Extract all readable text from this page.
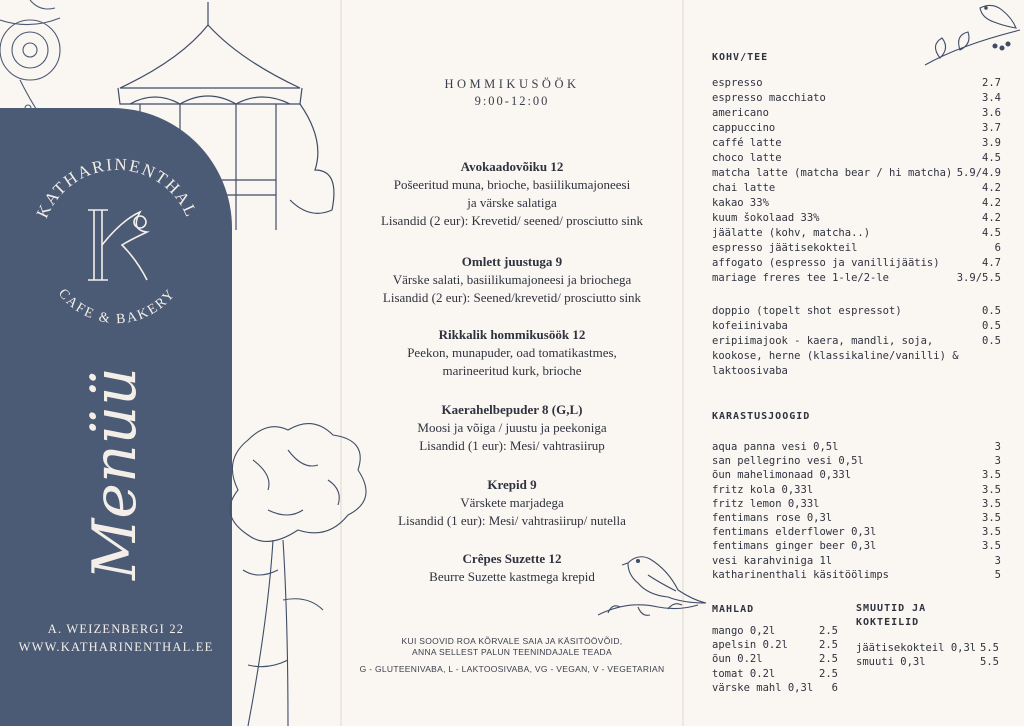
KATHARINENTHAL
CAFE & BAKERY
Menüü
A. WEIZENBERGI 22
WWW.KATHARINENTHAL.EE
HOMMIKUSÖÖK
9:00-12:00
Avokaadovõiku 12
Pošeeritud muna, brioche, basiilikumajoneesi
ja värske salatiga
Lisandid (2 eur): Krevetid/ seened/ prosciutto sink
Omlett juustuga 9
Värske salati, basiilikumajoneesi ja briochega
Lisandid (2 eur): Seened/krevetid/ prosciutto sink
Rikkalik hommikusöök 12
Peekon, munapuder, oad tomatikastmes,
marineeritud kurk, brioche
Kaerahelbepuder 8 (G,L)
Moosi ja võiga / juustu ja peekoniga
Lisandid (1 eur): Mesi/ vahtrasiirup
Krepid 9
Värskete marjadega
Lisandid (1 eur): Mesi/ vahtrasiirup/ nutella
Crêpes Suzette 12
Beurre Suzette kastmega krepid
KUI SOOVID ROA KÕRVALE SAIA JA KÄSITÖÖVÕID,
ANNA SELLEST PALUN TEENINDAJALE TEADA
G - GLUTEENIVABA, L - LAKTOOSIVABA, VG - VEGAN, V - VEGETARIAN
KOHV/TEE
espresso	2.7
espresso macchiato	3.4
americano	3.6
cappuccino	3.7
caffé latte	3.9
choco latte	4.5
matcha latte (matcha bear / hi matcha) 5.9/4.9
chai latte	4.2
kakao 33%	4.2
kuum šokolaad 33%	4.2
jäälatte (kohv, matcha..)	4.5
espresso jäätisekokteil	6
affogato (espresso ja vanillijäätis)	4.7
mariage freres tee 1-le/2-le	3.9/5.5
doppio (topelt shot espressot)	0.5
kofeiinivaba	0.5
eripiimajook - kaera, mandli, soja,	0.5
kookose, herne (klassikaline/vanilli) &
laktoosivaba
KARASTUSJOOGID
aqua panna vesi 0,5l	3
san pellegrino vesi 0,5l	3
õun mahelimonaad 0,33l	3.5
fritz kola 0,33l	3.5
fritz lemon 0,33l	3.5
fentimans rose 0,3l	3.5
fentimans elderflower 0,3l	3.5
fentimans ginger beer 0,3l	3.5
vesi karahviniga 1l	3
katharinenthali käsitöölimps	5
MAHLAD
mango 0,2l	2.5
apelsin 0.2l	2.5
õun 0.2l	2.5
tomat 0.2l	2.5
värske mahl 0,3l	6
SMUUTID JA
KOKTEILID
jäätisekokteil 0,3l 5.5
smuuti 0,3l	5.5
